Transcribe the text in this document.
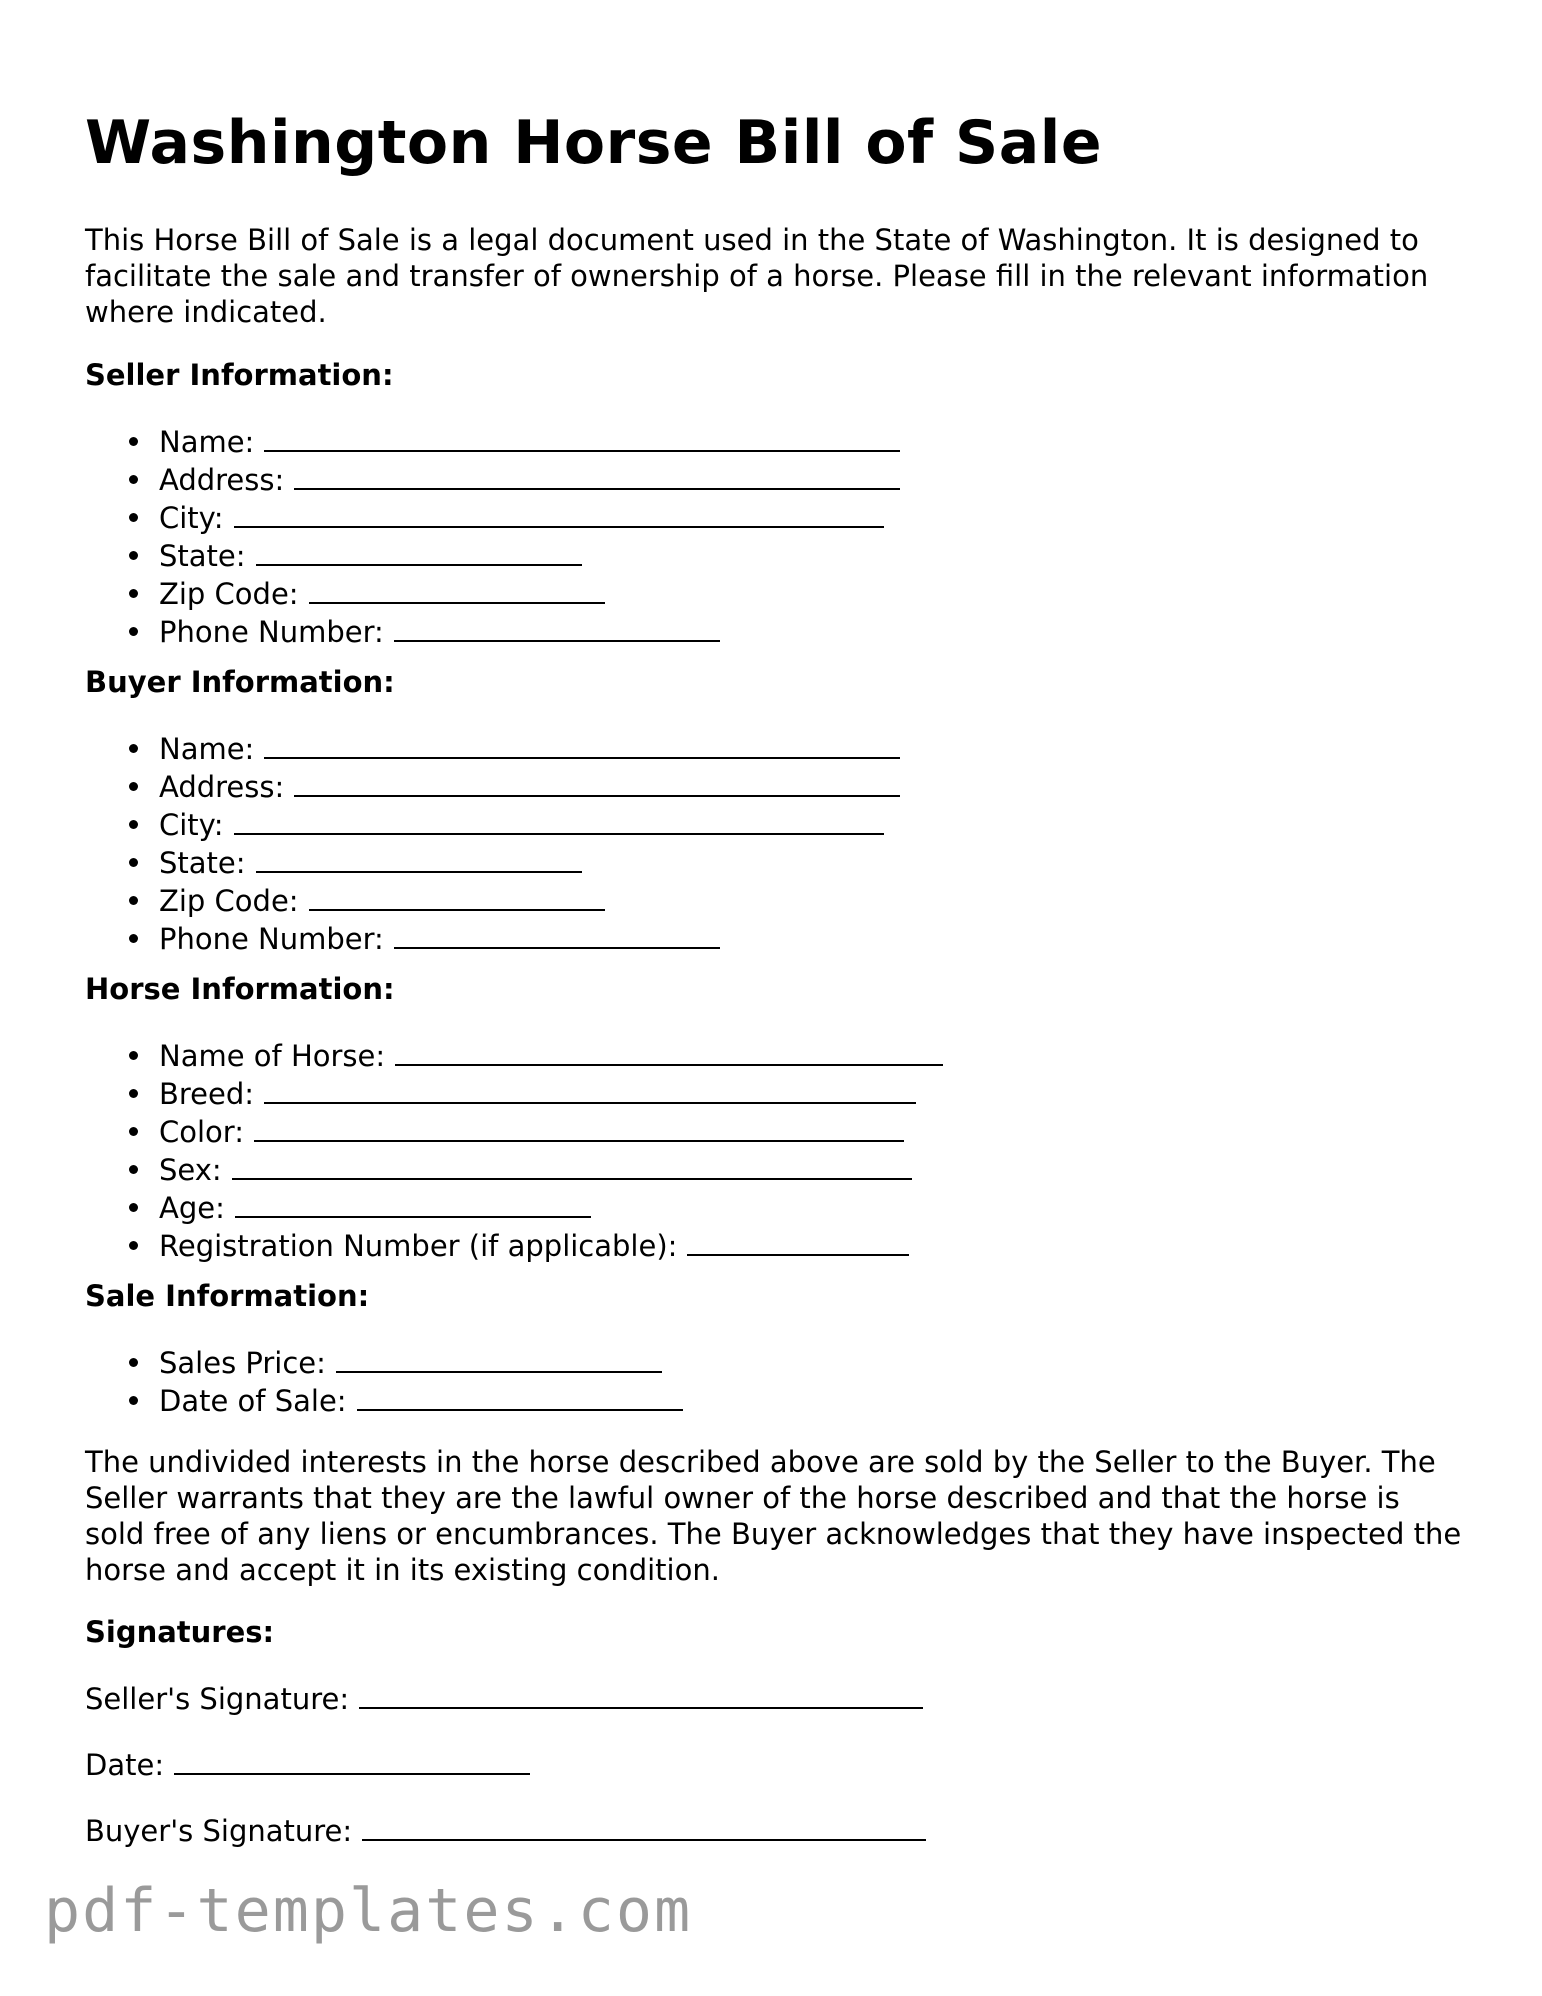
Washington Horse Bill of Sale

This Horse Bill of Sale is a legal document used in the State of Washington. It is designed to facilitate the sale and transfer of ownership of a horse. Please fill in the relevant information where indicated.

Seller Information:

Name:
Address:
City:
State:
Zip Code:
Phone Number:

Buyer Information:

Name:
Address:
City:
State:
Zip Code:
Phone Number:

Horse Information:

Name of Horse:
Breed:
Color:
Sex:
Age:
Registration Number (if applicable):

Sale Information:

Sales Price:
Date of Sale:

The undivided interests in the horse described above are sold by the Seller to the Buyer. The Seller warrants that they are the lawful owner of the horse described and that the horse is sold free of any liens or encumbrances. The Buyer acknowledges that they have inspected the horse and accept it in its existing condition.

Signatures:

Seller's Signature:

Date:

Buyer's Signature:

pdf-templates.com
